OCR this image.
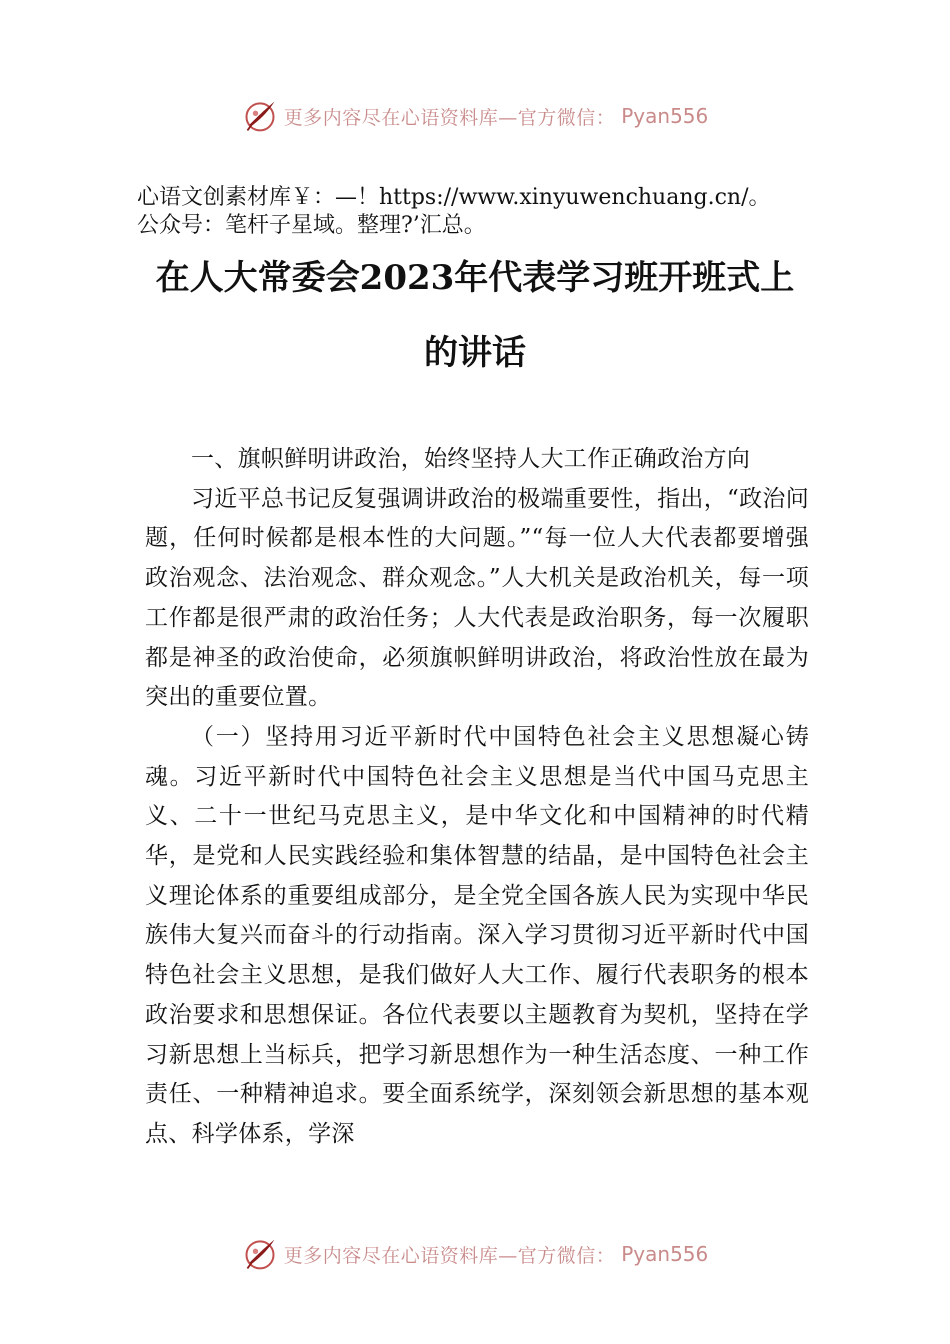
更多内容尽在心语资料库—官方微信： Pyan556
心语文创素材库￥：—！https://www.xinyuwenchuang.cn/。
公众号：笔杆子星域。整理?’汇总。
在人大常委会2023年代表学习班开班式上
的讲话

一、旗帜鲜明讲政治，始终坚持人大工作正确政治方向

习近平总书记反复强调讲政治的极端重要性，指出，“政治问题，任何时候都是根本性的大问题。”“每一位人大代表都要增强政治观念、法治观念、群众观念。”人大机关是政治机关，每一项工作都是很严肃的政治任务；人大代表是政治职务，每一次履职都是神圣的政治使命，必须旗帜鲜明讲政治，将政治性放在最为突出的重要位置。

（一）坚持用习近平新时代中国特色社会主义思想凝心铸魂。习近平新时代中国特色社会主义思想是当代中国马克思主义、二十一世纪马克思主义，是中华文化和中国精神的时代精华，是党和人民实践经验和集体智慧的结晶，是中国特色社会主义理论体系的重要组成部分，是全党全国各族人民为实现中华民族伟大复兴而奋斗的行动指南。深入学习贯彻习近平新时代中国特色社会主义思想，是我们做好人大工作、履行代表职务的根本政治要求和思想保证。各位代表要以主题教育为契机，坚持在学习新思想上当标兵，把学习新思想作为一种生活态度、一种工作责任、一种精神追求。要全面系统学，深刻领会新思想的基本观点、科学体系，学深

更多内容尽在心语资料库—官方微信： Pyan556
